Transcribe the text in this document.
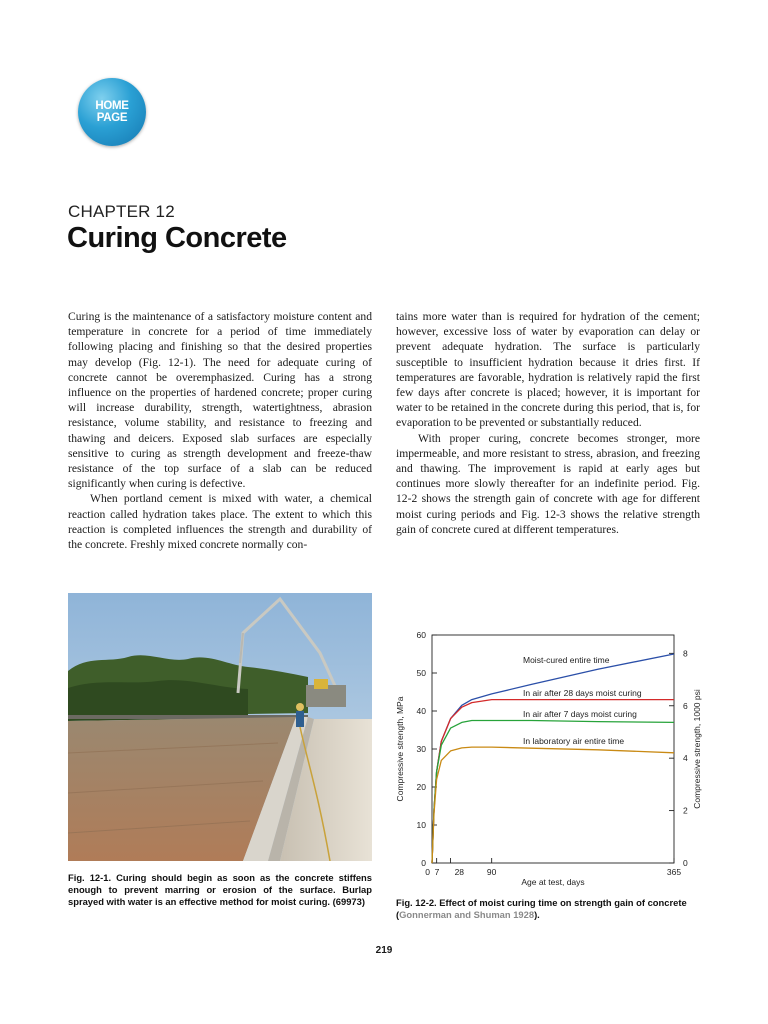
HOME
PAGE
CHAPTER 12
Curing Concrete

Curing is the maintenance of a satisfactory moisture content and temperature in concrete for a period of time immediately following placing and finishing so that the desired properties may develop (Fig. 12-1). The need for adequate curing of concrete cannot be overemphasized. Curing has a strong influence on the properties of hardened concrete; proper curing will increase durability, strength, watertightness, abrasion resistance, volume stability, and resistance to freezing and thawing and deicers. Exposed slab surfaces are especially sensitive to curing as strength development and freeze-thaw resistance of the top surface of a slab can be reduced significantly when curing is defective.

When portland cement is mixed with water, a chemical reaction called hydration takes place. The extent to which this reaction is completed influences the strength and durability of the concrete. Freshly mixed concrete normally con-

tains more water than is required for hydration of the cement; however, excessive loss of water by evaporation can delay or prevent adequate hydration. The surface is particularly susceptible to insufficient hydration because it dries first. If temperatures are favorable, hydration is relatively rapid the first few days after concrete is placed; however, it is important for water to be retained in the concrete during this period, that is, for evaporation to be prevented or substantially reduced.

With proper curing, concrete becomes stronger, more impermeable, and more resistant to stress, abrasion, and freezing and thawing. The improvement is rapid at early ages but continues more slowly thereafter for an indefinite period. Fig. 12-2 shows the strength gain of concrete with age for different moist curing periods and Fig. 12-3 shows the relative strength gain of concrete cured at different temperatures.

Fig. 12-1. Curing should begin as soon as the concrete stiffens enough to prevent marring or erosion of the surface. Burlap sprayed with water is an effective method for moist curing. (69973)
0
10
20
30
40
50
60
0
2
4
6
8
0 7 28	90	365
Age at test, days
Compressive strength, MPa	Compressive strength, 1000 psi
Moist-cured entire time
In air after 28 days moist curing
In air after 7 days moist curing
In laboratory air entire time
Fig. 12-2. Effect of moist curing time on strength gain of concrete (Gonnerman and Shuman 1928).
219
